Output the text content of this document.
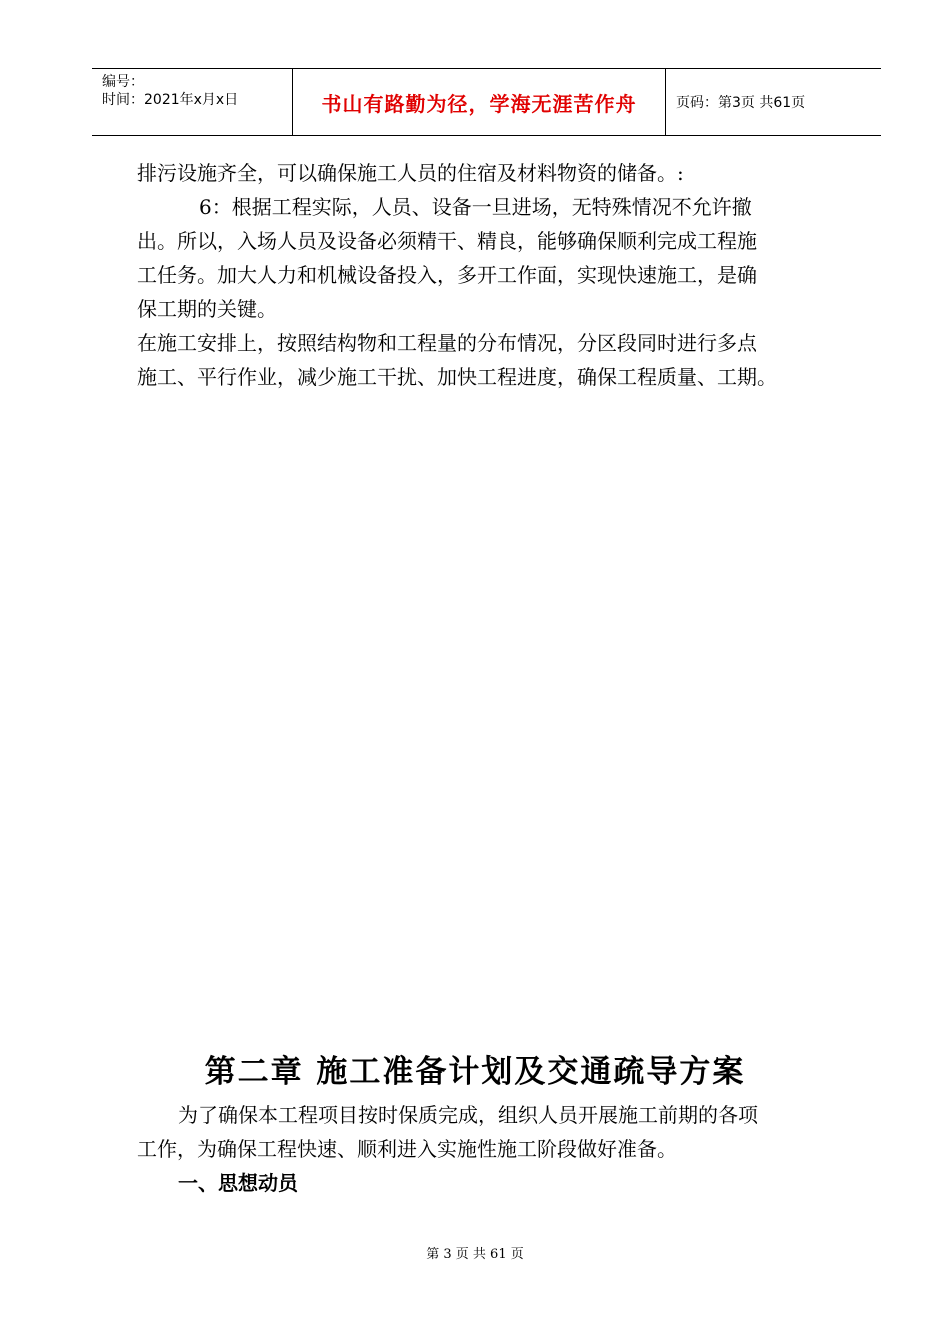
编号：
时间：2021年x月x日	书山有路勤为径，学海无涯苦作舟	页码：第3页 共61页

排污设施齐全，可以确保施工人员的住宿及材料物资的储备。:

6：根据工程实际，人员、设备一旦进场，无特殊情况不允许撤

出。所以，入场人员及设备必须精干、精良，能够确保顺利完成工程施

工任务。加大人力和机械设备投入，多开工作面，实现快速施工，是确

保工期的关键。

在施工安排上，按照结构物和工程量的分布情况，分区段同时进行多点

施工、平行作业，减少施工干扰、加快工程进度，确保工程质量、工期。

第二章 施工准备计划及交通疏导方案

为了确保本工程项目按时保质完成，组织人员开展施工前期的各项

工作，为确保工程快速、顺利进入实施性施工阶段做好准备。

一、思想动员
第 3 页 共 61 页
